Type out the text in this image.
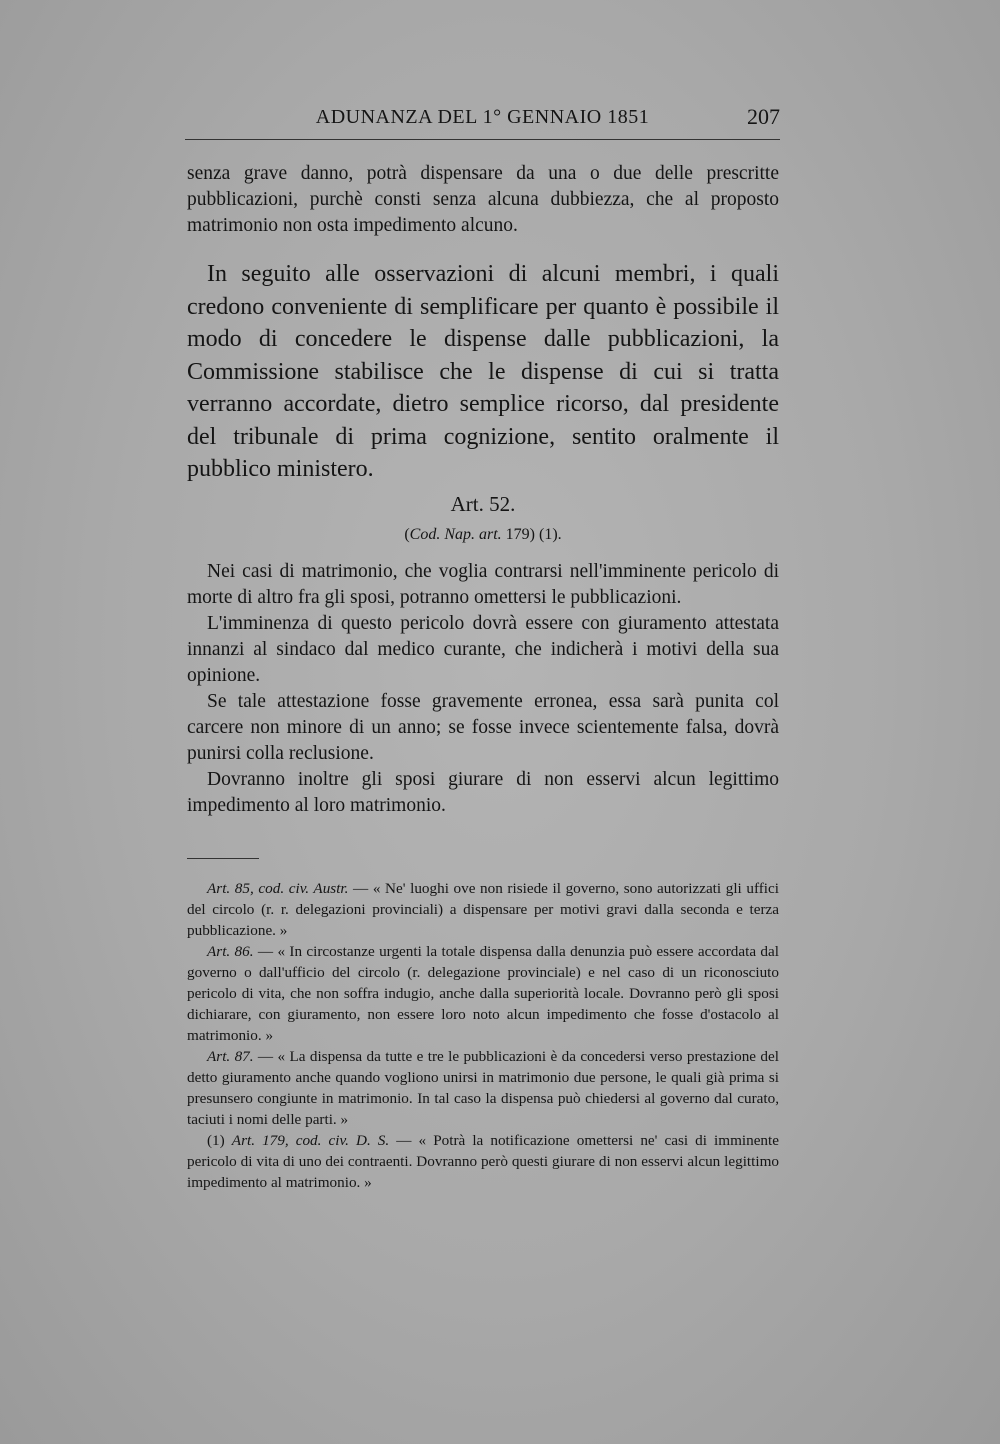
ADUNANZA DEL 1° GENNAIO 1851	207

senza grave danno, potrà dispensare da una o due delle prescritte pubblicazioni, purchè consti senza alcuna dubbiezza, che al proposto matrimonio non osta impedimento alcuno.

In seguito alle osservazioni di alcuni membri, i quali credono conveniente di semplificare per quanto è possibile il modo di concedere le dispense dalle pubblicazioni, la Commissione stabilisce che le dispense di cui si tratta verranno accordate, dietro semplice ricorso, dal presidente del tribunale di prima cognizione, sentito oralmente il pubblico ministero.

Art. 52.
(Cod. Nap. art. 179) (1).

Nei casi di matrimonio, che voglia contrarsi nell'imminente pericolo di morte di altro fra gli sposi, potranno omettersi le pubblicazioni.

L'imminenza di questo pericolo dovrà essere con giuramento attestata innanzi al sindaco dal medico curante, che indicherà i motivi della sua opinione.

Se tale attestazione fosse gravemente erronea, essa sarà punita col carcere non minore di un anno; se fosse invece scientemente falsa, dovrà punirsi colla reclusione.

Dovranno inoltre gli sposi giurare di non esservi alcun legittimo impedimento al loro matrimonio.

Art. 85, cod. civ. Austr. — « Ne' luoghi ove non risiede il governo, sono autorizzati gli uffici del circolo (r. r. delegazioni provinciali) a dispensare per motivi gravi dalla seconda e terza pubblicazione. »

Art. 86. — « In circostanze urgenti la totale dispensa dalla denunzia può essere accordata dal governo o dall'ufficio del circolo (r. delegazione provinciale) e nel caso di un riconosciuto pericolo di vita, che non soffra indugio, anche dalla superiorità locale. Dovranno però gli sposi dichiarare, con giuramento, non essere loro noto alcun impedimento che fosse d'ostacolo al matrimonio. »

Art. 87. — « La dispensa da tutte e tre le pubblicazioni è da concedersi verso prestazione del detto giuramento anche quando vogliono unirsi in matrimonio due persone, le quali già prima si presunsero congiunte in matrimonio. In tal caso la dispensa può chiedersi al governo dal curato, taciuti i nomi delle parti. »

(1) Art. 179, cod. civ. D. S. — « Potrà la notificazione omettersi ne' casi di imminente pericolo di vita di uno dei contraenti. Dovranno però questi giurare di non esservi alcun legittimo impedimento al matrimonio. »
